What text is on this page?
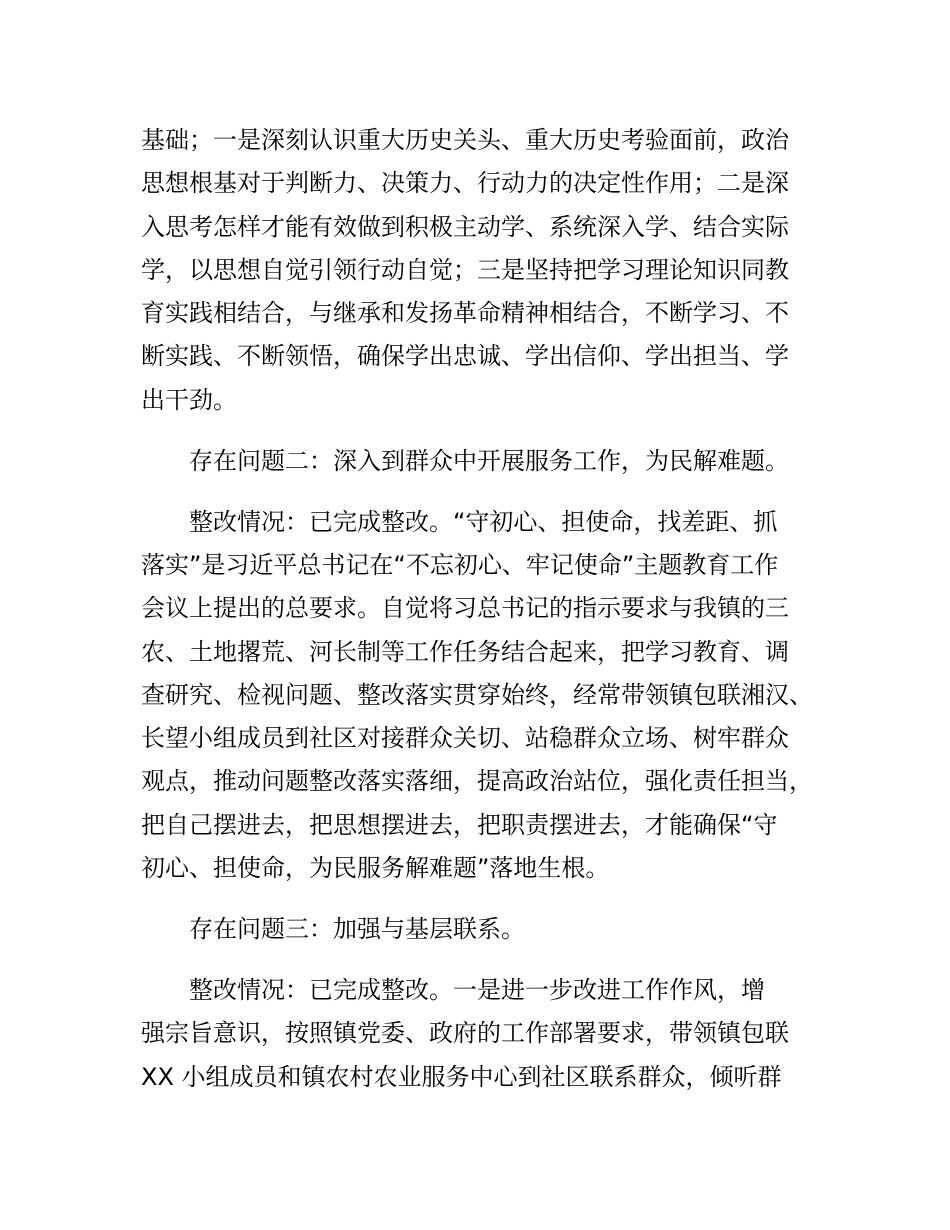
基础；一是深刻认识重大历史关头、重大历史考验面前，政治

思想根基对于判断力、决策力、行动力的决定性作用；二是深

入思考怎样才能有效做到积极主动学、系统深入学、结合实际

学，以思想自觉引领行动自觉；三是坚持把学习理论知识同教

育实践相结合，与继承和发扬革命精神相结合，不断学习、不

断实践、不断领悟，确保学出忠诚、学出信仰、学出担当、学

出干劲。

存在问题二：深入到群众中开展服务工作，为民解难题。

整改情况：已完成整改。“守初心、担使命，找差距、抓

落实”是习近平总书记在“不忘初心、牢记使命”主题教育工作

会议上提出的总要求。自觉将习总书记的指示要求与我镇的三

农、土地撂荒、河长制等工作任务结合起来，把学习教育、调

查研究、检视问题、整改落实贯穿始终，经常带领镇包联湘汉、

长望小组成员到社区对接群众关切、站稳群众立场、树牢群众

观点，推动问题整改落实落细，提高政治站位，强化责任担当，

把自己摆进去，把思想摆进去，把职责摆进去，才能确保“守

初心、担使命，为民服务解难题”落地生根。

存在问题三：加强与基层联系。

整改情况：已完成整改。一是进一步改进工作作风，增

强宗旨意识，按照镇党委、政府的工作部署要求，带领镇包联

XX 小组成员和镇农村农业服务中心到社区联系群众，倾听群
